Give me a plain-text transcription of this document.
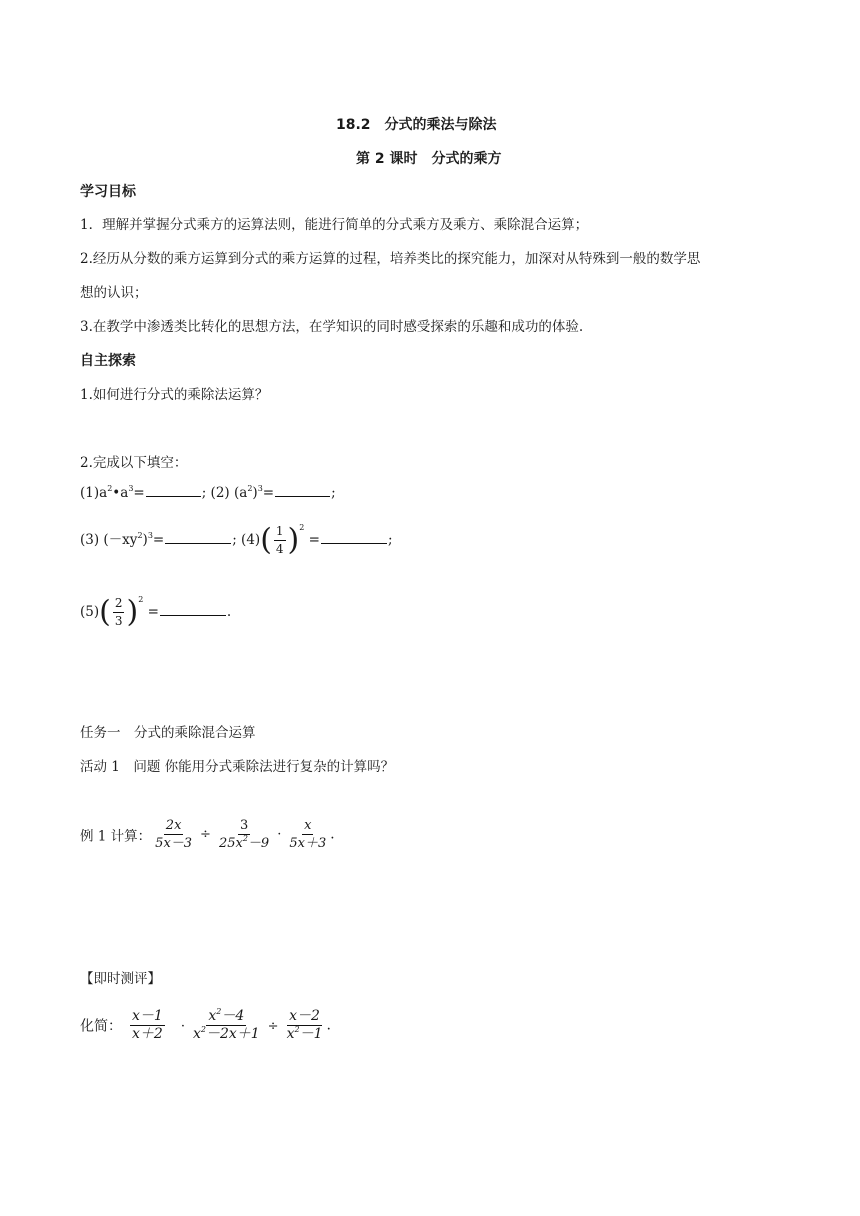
18.2　分式的乘法与除法
第 2 课时　分式的乘方
学习目标
1．理解并掌握分式乘方的运算法则，能进行简单的分式乘方及乘方、乘除混合运算；
2.经历从分数的乘方运算到分式的乘方运算的过程，培养类比的探究能力，加深对从特殊到一般的数学思
想的认识；
3.在教学中渗透类比转化的思想方法，在学知识的同时感受探索的乐趣和成功的体验.
自主探索
1.如何进行分式的乘除法运算？
2.完成以下填空：
$(1)a^2•a^3=$	; (2) $(a^2)^3=$	;
(3) $(-xy^2)^3=$	; $(4)( \frac{1}{4} )^2$ =	;
$(5)( \frac{2}{3} )^2$ =	.
任务一　分式的乘除混合运算
活动 1　问题 你能用分式乘除法进行复杂的计算吗？
例 1 计算： $\frac{2x}{5x-3} \div \frac{3}{25x^2-9} \cdot \frac{x}{5x+3}$ .
【即时测评】
化简： $\frac{x-1}{x+2} \cdot \frac{x^2-4}{x^2-2x+1} \div \frac{x-2}{x^2-1}$ .
